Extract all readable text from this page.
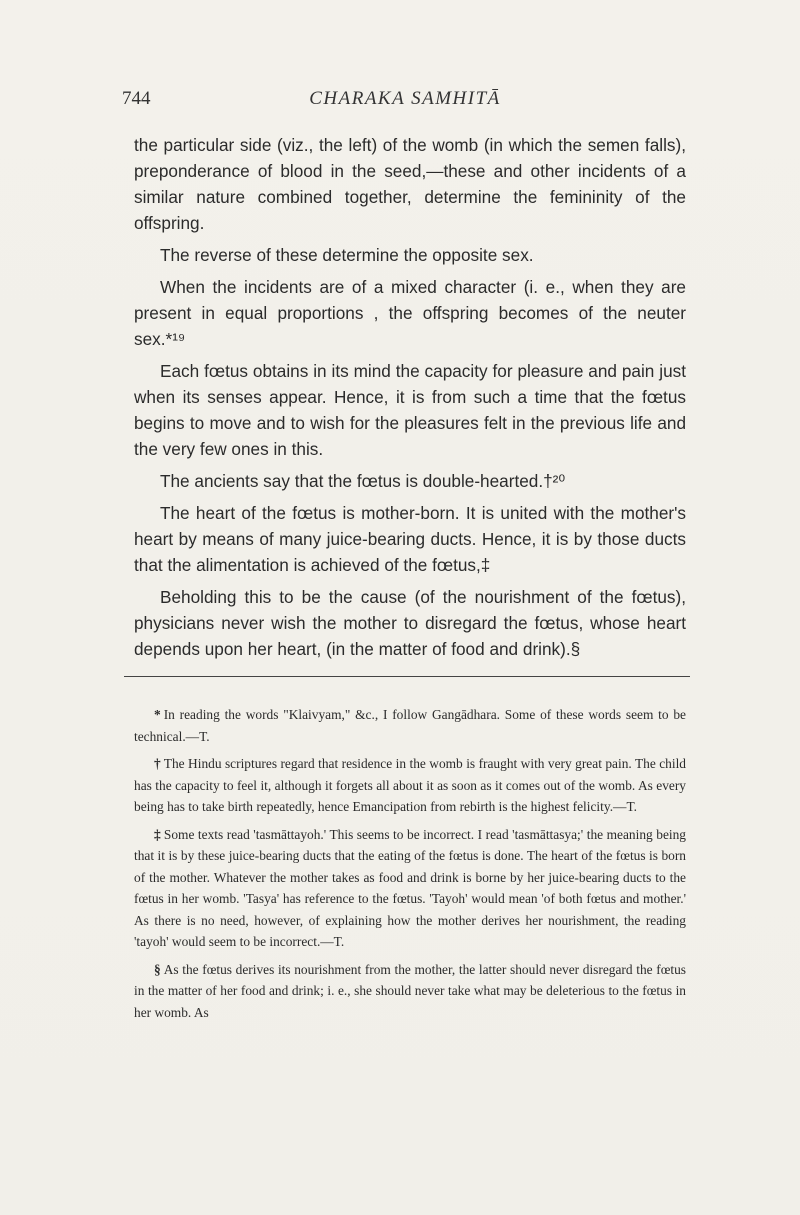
744	CHARAKA SAMHITĀ

the particular side (viz., the left) of the womb (in which the semen falls), preponderance of blood in the seed,—these and other incidents of a similar nature combined together, determine the femininity of the offspring.

The reverse of these determine the opposite sex.

When the incidents are of a mixed character (i. e., when they are present in equal proportions , the offspring becomes of the neuter sex.*¹⁹

Each fœtus obtains in its mind the capacity for pleasure and pain just when its senses appear. Hence, it is from such a time that the fœtus begins to move and to wish for the pleasures felt in the previous life and the very few ones in this.

The ancients say that the fœtus is double-hearted.†²⁰

The heart of the fœtus is mother-born. It is united with the mother's heart by means of many juice-bearing ducts. Hence, it is by those ducts that the alimentation is achieved of the fœtus,‡

Beholding this to be the cause (of the nourishment of the fœtus), physicians never wish the mother to disregard the fœtus, whose heart depends upon her heart, (in the matter of food and drink).§

* In reading the words "Klaivyam," &c., I follow Gangādhara. Some of these words seem to be technical.—T.

† The Hindu scriptures regard that residence in the womb is fraught with very great pain. The child has the capacity to feel it, although it forgets all about it as soon as it comes out of the womb. As every being has to take birth repeatedly, hence Emancipation from rebirth is the highest felicity.—T.

‡ Some texts read 'tasmāttayoh.' This seems to be incorrect. I read 'tasmāttasya;' the meaning being that it is by these juice-bearing ducts that the eating of the fœtus is done. The heart of the fœtus is born of the mother. Whatever the mother takes as food and drink is borne by her juice-bearing ducts to the fœtus in her womb. 'Tasya' has reference to the fœtus. 'Tayoh' would mean 'of both fœtus and mother.' As there is no need, however, of explaining how the mother derives her nourishment, the reading 'tayoh' would seem to be incorrect.—T.

§ As the fœtus derives its nourishment from the mother, the latter should never disregard the fœtus in the matter of her food and drink; i. e., she should never take what may be deleterious to the fœtus in her womb. As
